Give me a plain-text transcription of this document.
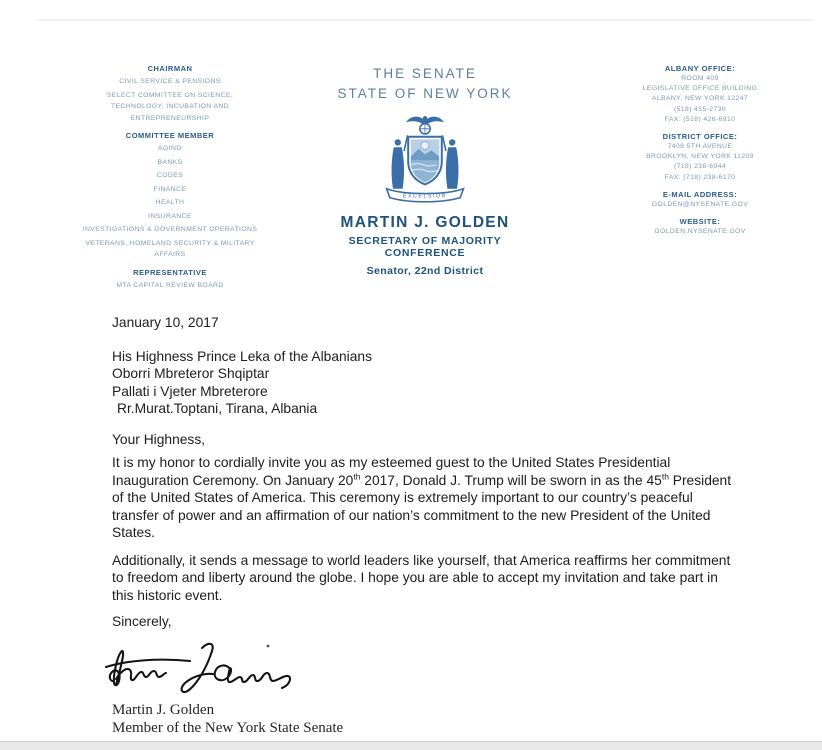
CHAIRMAN
CIVIL SERVICE & PENSIONS
SELECT COMMITTEE ON SCIENCE, TECHNOLOGY, INCUBATION AND ENTREPRENEURSHIP
COMMITTEE MEMBER
AGING
BANKS
CODES
FINANCE
HEALTH
INSURANCE
INVESTIGATIONS & GOVERNMENT OPERATIONS
VETERANS, HOMELAND SECURITY & MILITARY AFFAIRS
REPRESENTATIVE
MTA CAPITAL REVIEW BOARD
THE SENATE
STATE OF NEW YORK
EXCELSIOR
MARTIN J. GOLDEN
SECRETARY OF MAJORITY CONFERENCE
Senator, 22nd District
ALBANY OFFICE:
ROOM 409
LEGISLATIVE OFFICE BUILDING
ALBANY, NEW YORK 12247
(518) 455-2730
FAX: (518) 426-6910
DISTRICT OFFICE:
7408 5TH AVENUE
BROOKLYN, NEW YORK 11209
(718) 238-6044
FAX: (718) 238-6170
E-MAIL ADDRESS:
GOLDEN@NYSENATE.GOV
WEBSITE:
GOLDEN.NYSENATE.GOV
January 10, 2017
His Highness Prince Leka of the Albanians
Oborri Mbreteror Shqiptar
Pallati i Vjeter Mbreterore
Rr.Murat.Toptani, Tirana, Albania
Your Highness,
It is my honor to cordially invite you as my esteemed guest to the United States Presidential Inauguration Ceremony. On January 20th 2017, Donald J. Trump will be sworn in as the 45th President of the United States of America. This ceremony is extremely important to our country’s peaceful transfer of power and an affirmation of our nation’s commitment to the new President of the United States.
Additionally, it sends a message to world leaders like yourself, that America reaffirms her commitment to freedom and liberty around the globe. I hope you are able to accept my invitation and take part in this historic event.
Sincerely,
Martin J. Golden
Member of the New York State Senate
